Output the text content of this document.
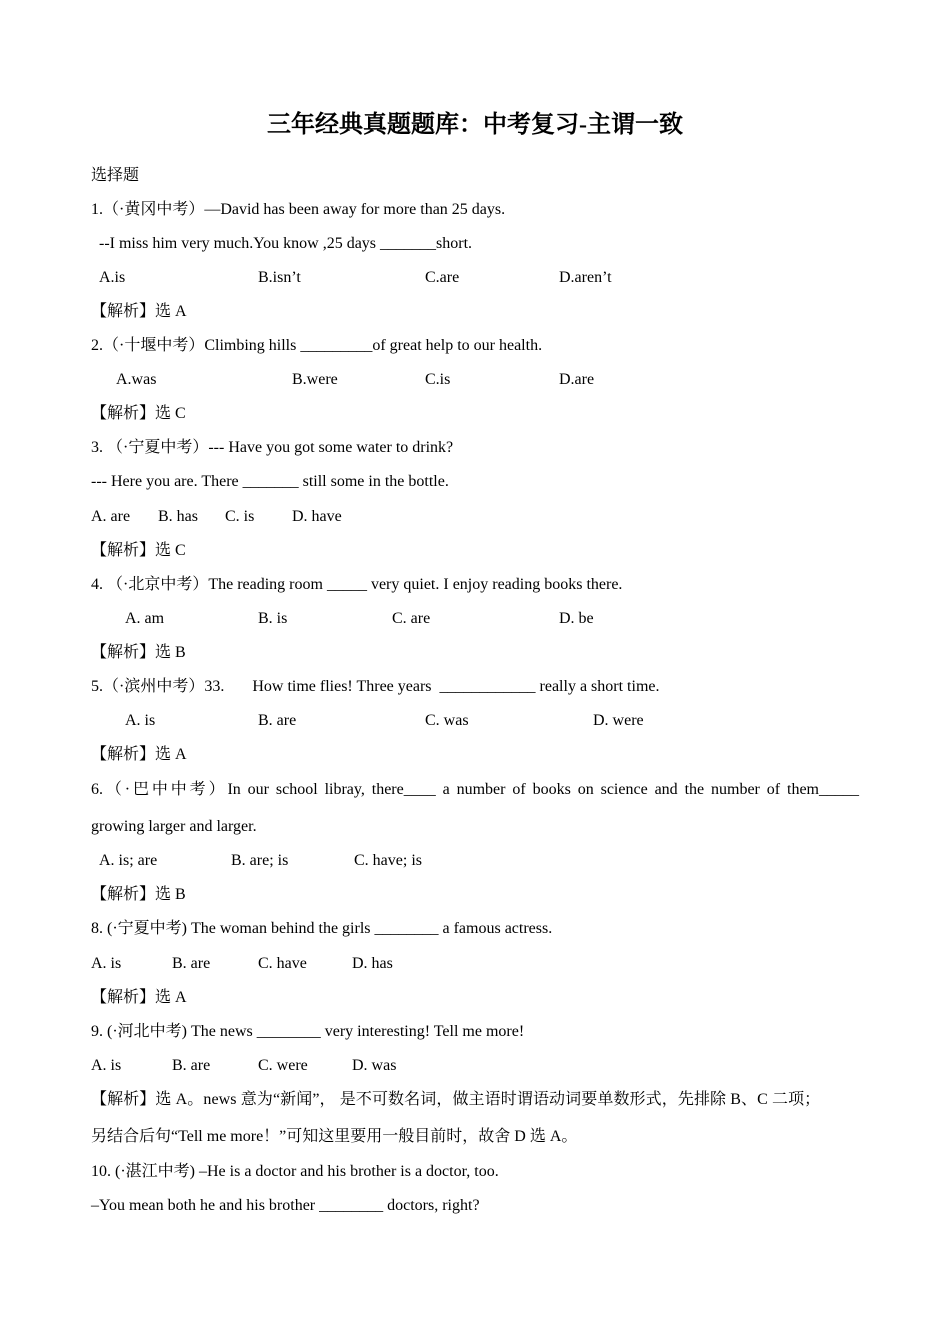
三年经典真题题库：中考复习-主谓一致
选择题
1.（·黄冈中考）—David has been away for more than 25 days.
--I miss him very much.You know ,25 days _______short.
A.is	B.isn’t	C.are	D.aren’t
【解析】选 A
2.（·十堰中考）Climbing hills _________of great help to our health.
A.was	B.were	C.is	D.are
【解析】选 C
3. （·宁夏中考）--- Have you got some water to drink?
--- Here you are. There _______ still some in the bottle.
A. are B. has C. is D. have
【解析】选 C
4. （·北京中考）The reading room _____ very quiet. I enjoy reading books there.
A. am	B. is	C. are	D. be
【解析】选 B
5.（·滨州中考）33.       How time flies! Three years  ____________ really a short time.
A. is	B. are	C. was	D. were
【解析】选 A
6.（·巴中中考）In our school libray, there____ a number of books on science and the number of them_____
growing larger and larger.
A. is; are	B. are; is	C. have; is
【解析】选 B
8. (·宁夏中考) The woman behind the girls ________ a famous actress.
A. is	B. are	C. have	D. has
【解析】选 A
9. (·河北中考) The news ________ very interesting! Tell me more!
A. is	B. are	C. were	D. was
【解析】选 A。news 意为“新闻”， 是不可数名词，做主语时谓语动词要单数形式，先排除 B、C 二项；
另结合后句“Tell me more！”可知这里要用一般目前时，故舍 D 选 A。
10. (·湛江中考) –He is a doctor and his brother is a doctor, too.
–You mean both he and his brother ________ doctors, right?
